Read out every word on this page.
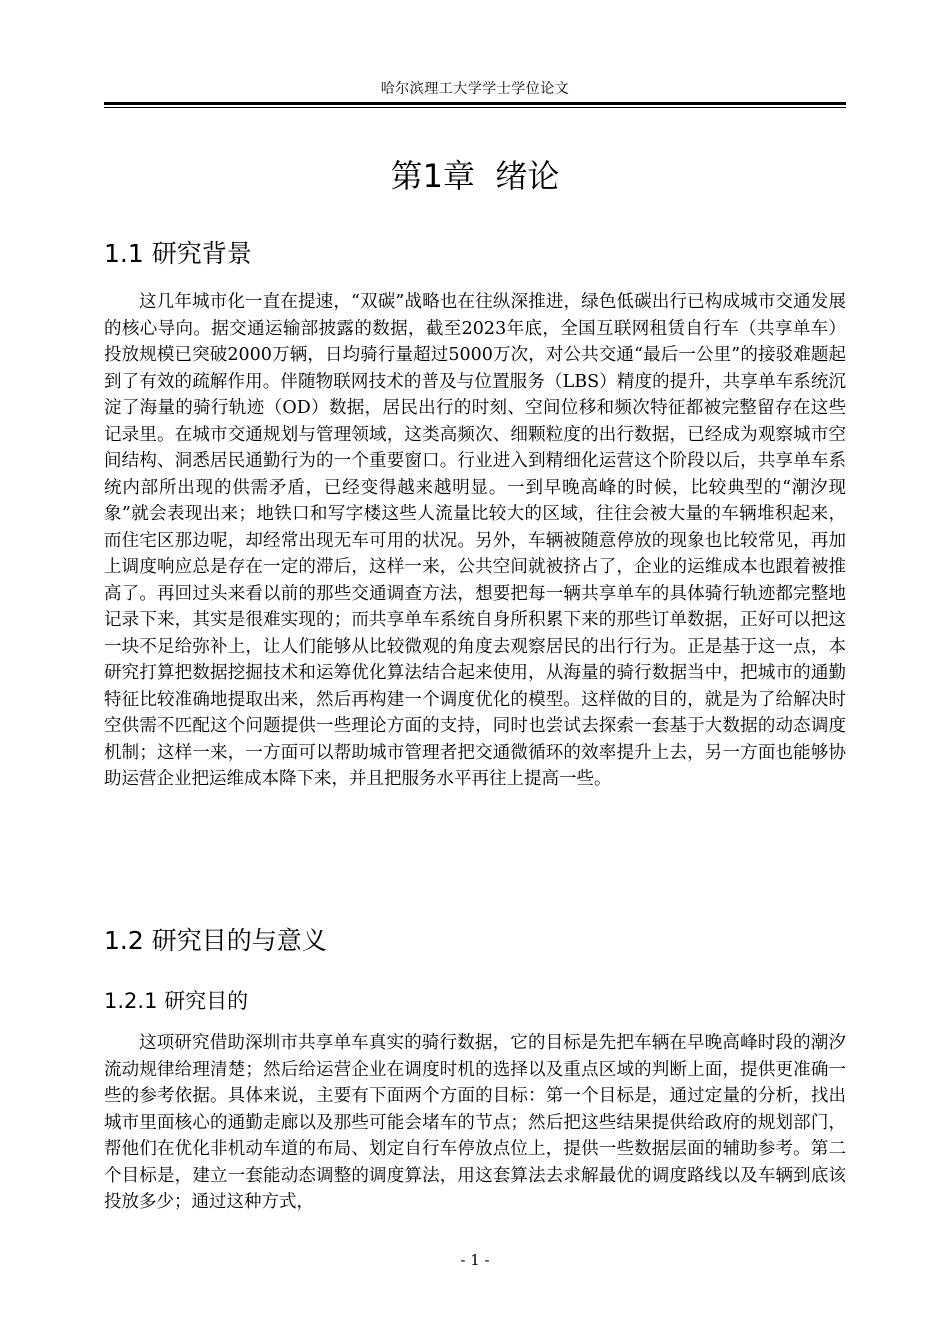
哈尔滨理工大学学士学位论文
第1章  绪论
1.1 研究背景

这几年城市化一直在提速，“双碳”战略也在往纵深推进，绿色低碳出行已构成城市交通发展的核心导向。据交通运输部披露的数据，截至2023年底，全国互联网租赁自行车（共享单车）投放规模已突破2000万辆，日均骑行量超过5000万次，对公共交通“最后一公里”的接驳难题起到了有效的疏解作用。伴随物联网技术的普及与位置服务（LBS）精度的提升，共享单车系统沉淀了海量的骑行轨迹（OD）数据，居民出行的时刻、空间位移和频次特征都被完整留存在这些记录里。在城市交通规划与管理领域，这类高频次、细颗粒度的出行数据，已经成为观察城市空间结构、洞悉居民通勤行为的一个重要窗口。行业进入到精细化运营这个阶段以后，共享单车系统内部所出现的供需矛盾，已经变得越来越明显。一到早晚高峰的时候，比较典型的“潮汐现象”就会表现出来；地铁口和写字楼这些人流量比较大的区域，往往会被大量的车辆堆积起来，而住宅区那边呢，却经常出现无车可用的状况。另外，车辆被随意停放的现象也比较常见，再加上调度响应总是存在一定的滞后，这样一来，公共空间就被挤占了，企业的运维成本也跟着被推高了。再回过头来看以前的那些交通调查方法，想要把每一辆共享单车的具体骑行轨迹都完整地记录下来，其实是很难实现的；而共享单车系统自身所积累下来的那些订单数据，正好可以把这一块不足给弥补上，让人们能够从比较微观的角度去观察居民的出行行为。正是基于这一点，本研究打算把数据挖掘技术和运筹优化算法结合起来使用，从海量的骑行数据当中，把城市的通勤特征比较准确地提取出来，然后再构建一个调度优化的模型。这样做的目的，就是为了给解决时空供需不匹配这个问题提供一些理论方面的支持，同时也尝试去探索一套基于大数据的动态调度机制；这样一来，一方面可以帮助城市管理者把交通微循环的效率提升上去，另一方面也能够协助运营企业把运维成本降下来，并且把服务水平再往上提高一些。

1.2 研究目的与意义
1.2.1 研究目的

这项研究借助深圳市共享单车真实的骑行数据，它的目标是先把车辆在早晚高峰时段的潮汐流动规律给理清楚；然后给运营企业在调度时机的选择以及重点区域的判断上面，提供更准确一些的参考依据。具体来说，主要有下面两个方面的目标：第一个目标是，通过定量的分析，找出城市里面核心的通勤走廊以及那些可能会堵车的节点；然后把这些结果提供给政府的规划部门，帮他们在优化非机动车道的布局、划定自行车停放点位上，提供一些数据层面的辅助参考。第二个目标是，建立一套能动态调整的调度算法，用这套算法去求解最优的调度路线以及车辆到底该投放多少；通过这种方式，

- 1 -
